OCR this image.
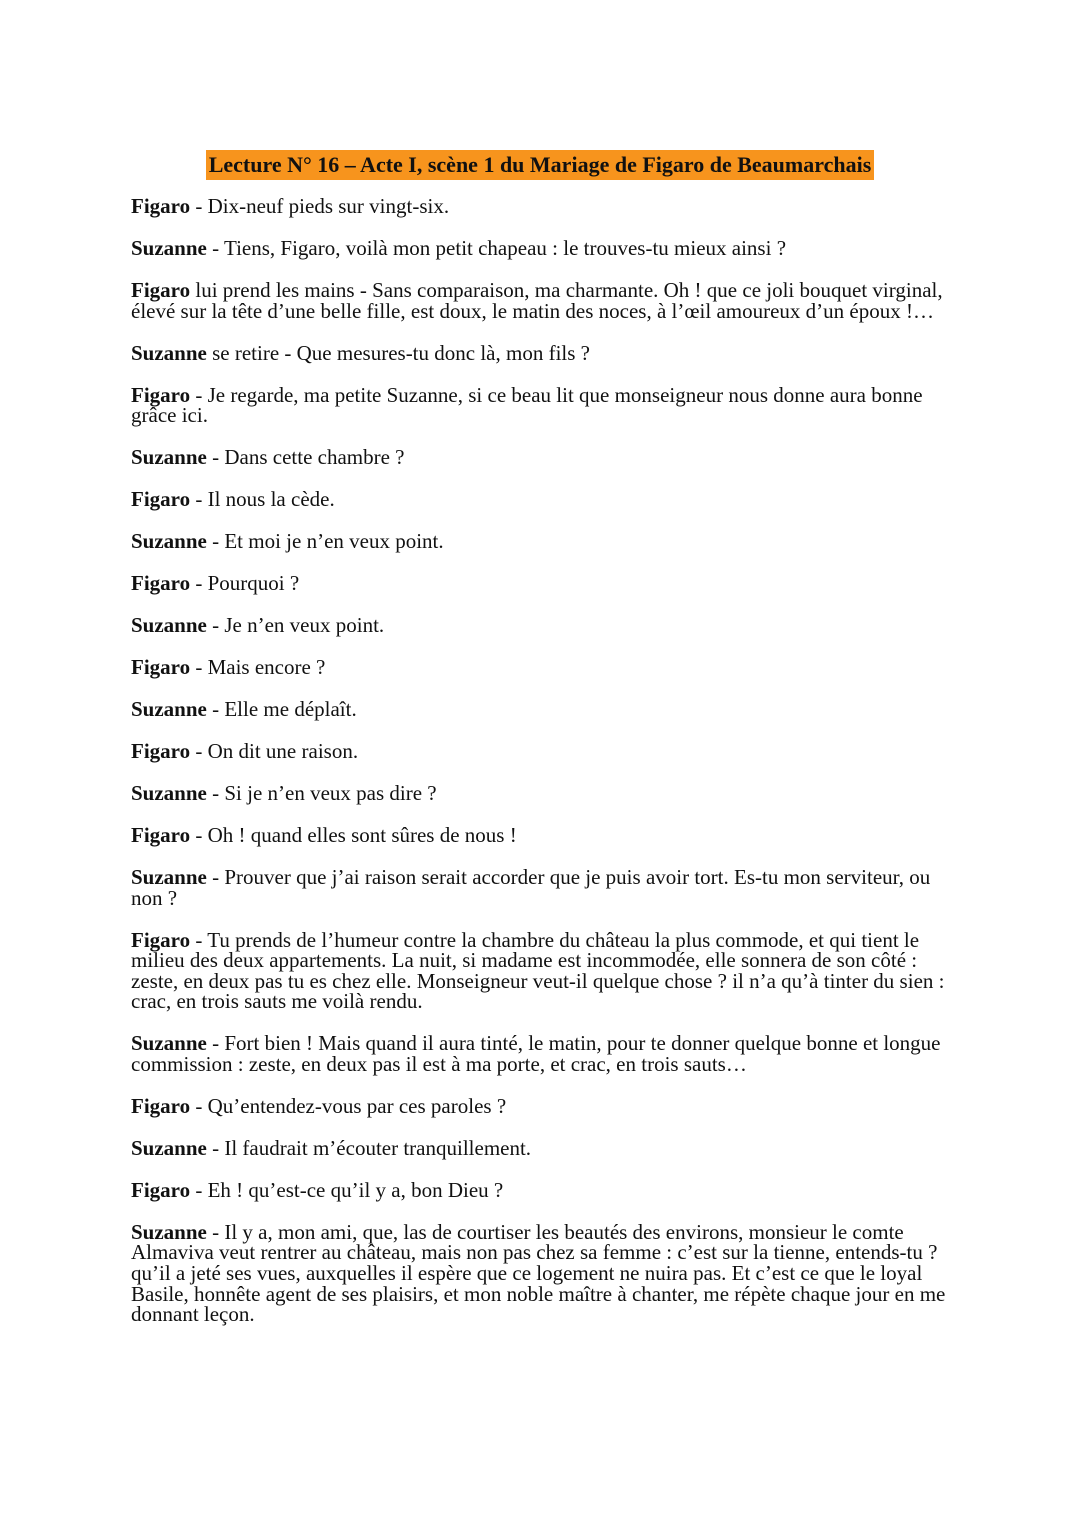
Lecture N° 16 – Acte I, scène 1 du Mariage de Figaro de Beaumarchais

Figaro - Dix-neuf pieds sur vingt-six.

Suzanne - Tiens, Figaro, voilà mon petit chapeau : le trouves-tu mieux ainsi ?

Figaro lui prend les mains - Sans comparaison, ma charmante. Oh ! que ce joli bouquet virginal, élevé sur la tête d’une belle fille, est doux, le matin des noces, à l’œil amoureux d’un époux !…

Suzanne se retire - Que mesures-tu donc là, mon fils ?

Figaro - Je regarde, ma petite Suzanne, si ce beau lit que monseigneur nous donne aura bonne grâce ici.

Suzanne - Dans cette chambre ?

Figaro - Il nous la cède.

Suzanne - Et moi je n’en veux point.

Figaro - Pourquoi ?

Suzanne - Je n’en veux point.

Figaro - Mais encore ?

Suzanne - Elle me déplaît.

Figaro - On dit une raison.

Suzanne - Si je n’en veux pas dire ?

Figaro - Oh ! quand elles sont sûres de nous !

Suzanne - Prouver que j’ai raison serait accorder que je puis avoir tort. Es-tu mon serviteur, ou non ?

Figaro - Tu prends de l’humeur contre la chambre du château la plus commode, et qui tient le milieu des deux appartements. La nuit, si madame est incommodée, elle sonnera de son côté : zeste, en deux pas tu es chez elle. Monseigneur veut-il quelque chose ? il n’a qu’à tinter du sien : crac, en trois sauts me voilà rendu.

Suzanne - Fort bien ! Mais quand il aura tinté, le matin, pour te donner quelque bonne et longue commission : zeste, en deux pas il est à ma porte, et crac, en trois sauts…

Figaro - Qu’entendez-vous par ces paroles ?

Suzanne - Il faudrait m’écouter tranquillement.

Figaro - Eh ! qu’est-ce qu’il y a, bon Dieu ?

Suzanne - Il y a, mon ami, que, las de courtiser les beautés des environs, monsieur le comte Almaviva veut rentrer au château, mais non pas chez sa femme : c’est sur la tienne, entends-tu ? qu’il a jeté ses vues, auxquelles il espère que ce logement ne nuira pas. Et c’est ce que le loyal Basile, honnête agent de ses plaisirs, et mon noble maître à chanter, me répète chaque jour en me donnant leçon.
